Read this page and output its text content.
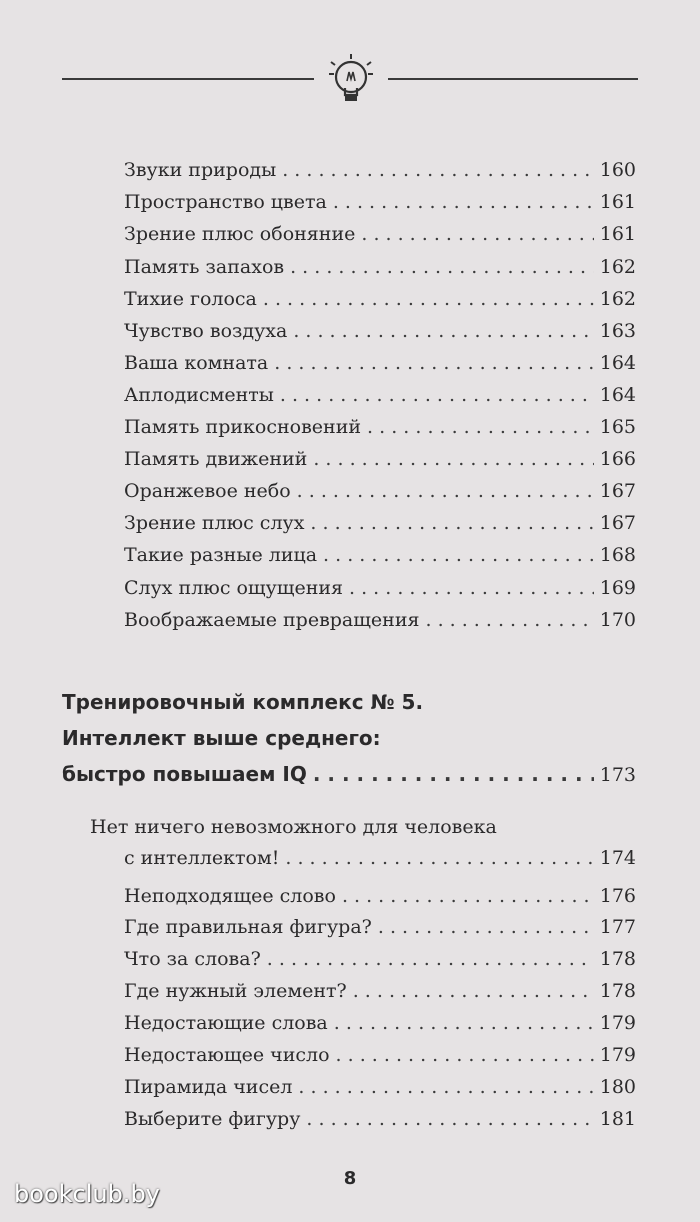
Звуки природы . . .	160
Пространство цвета . . .	161
Зрение плюс обоняние . . .	161
Память запахов . . .	162
Тихие голоса . . .	162
Чувство воздуха . . .	163
Ваша комната . . .	164
Аплодисменты . . .	164
Память прикосновений . . .	165
Память движений . . .	166
Оранжевое небо . . .	167
Зрение плюс слух . . .	167
Такие разные лица . . .	168
Слух плюс ощущения . . .	169
Воображаемые превращения . . .	170
Тренировочный комплекс № 5.
Интеллект выше среднего:
быстро повышаем IQ . . .	173
Нет ничего невозможного для человека
с интеллектом! . . .	174
Неподходящее слово . . .	176
Где правильная фигура? . . .	177
Что за слова? . . .	178
Где нужный элемент? . . .	178
Недостающие слова . . .	179
Недостающее число . . .	179
Пирамида чисел . . .	180
Выберите фигуру . . .	181
8
bookclub.by
